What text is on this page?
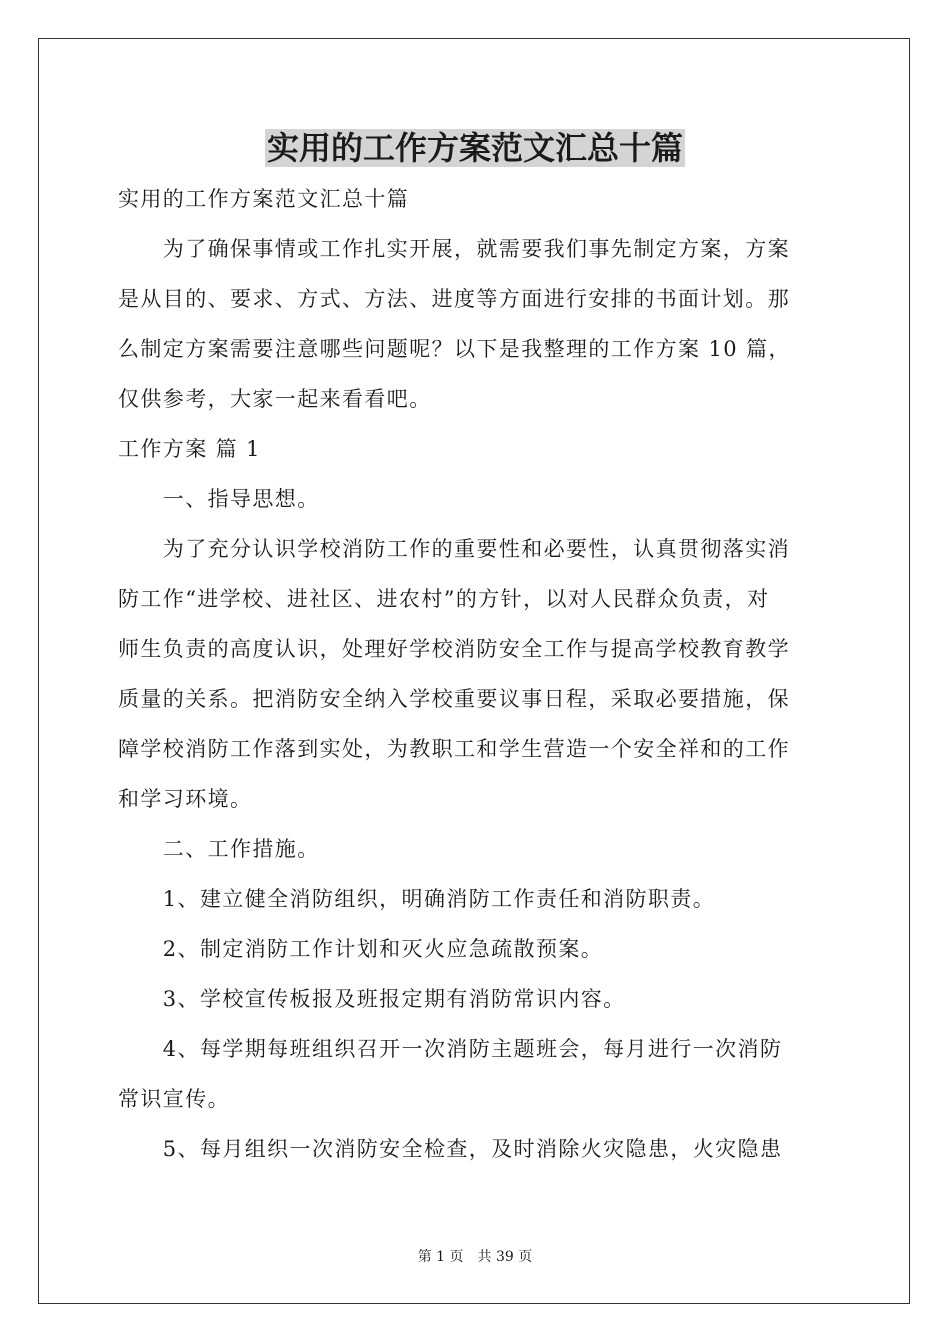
实用的工作方案范文汇总十篇
实用的工作方案范文汇总十篇
　　为了确保事情或工作扎实开展，就需要我们事先制定方案，方案
是从目的、要求、方式、方法、进度等方面进行安排的书面计划。那
么制定方案需要注意哪些问题呢？以下是我整理的工作方案 10 篇，
仅供参考，大家一起来看看吧。
工作方案 篇 1
　　一、指导思想。
　　为了充分认识学校消防工作的重要性和必要性，认真贯彻落实消
防工作“进学校、进社区、进农村”的方针，以对人民群众负责，对
师生负责的高度认识，处理好学校消防安全工作与提高学校教育教学
质量的关系。把消防安全纳入学校重要议事日程，采取必要措施，保
障学校消防工作落到实处，为教职工和学生营造一个安全祥和的工作
和学习环境。
　　二、工作措施。
　　1、建立健全消防组织，明确消防工作责任和消防职责。
　　2、制定消防工作计划和灭火应急疏散预案。
　　3、学校宣传板报及班报定期有消防常识内容。
　　4、每学期每班组织召开一次消防主题班会，每月进行一次消防
常识宣传。
　　5、每月组织一次消防安全检查，及时消除火灾隐患，火灾隐患
第 1 页　共 39 页
